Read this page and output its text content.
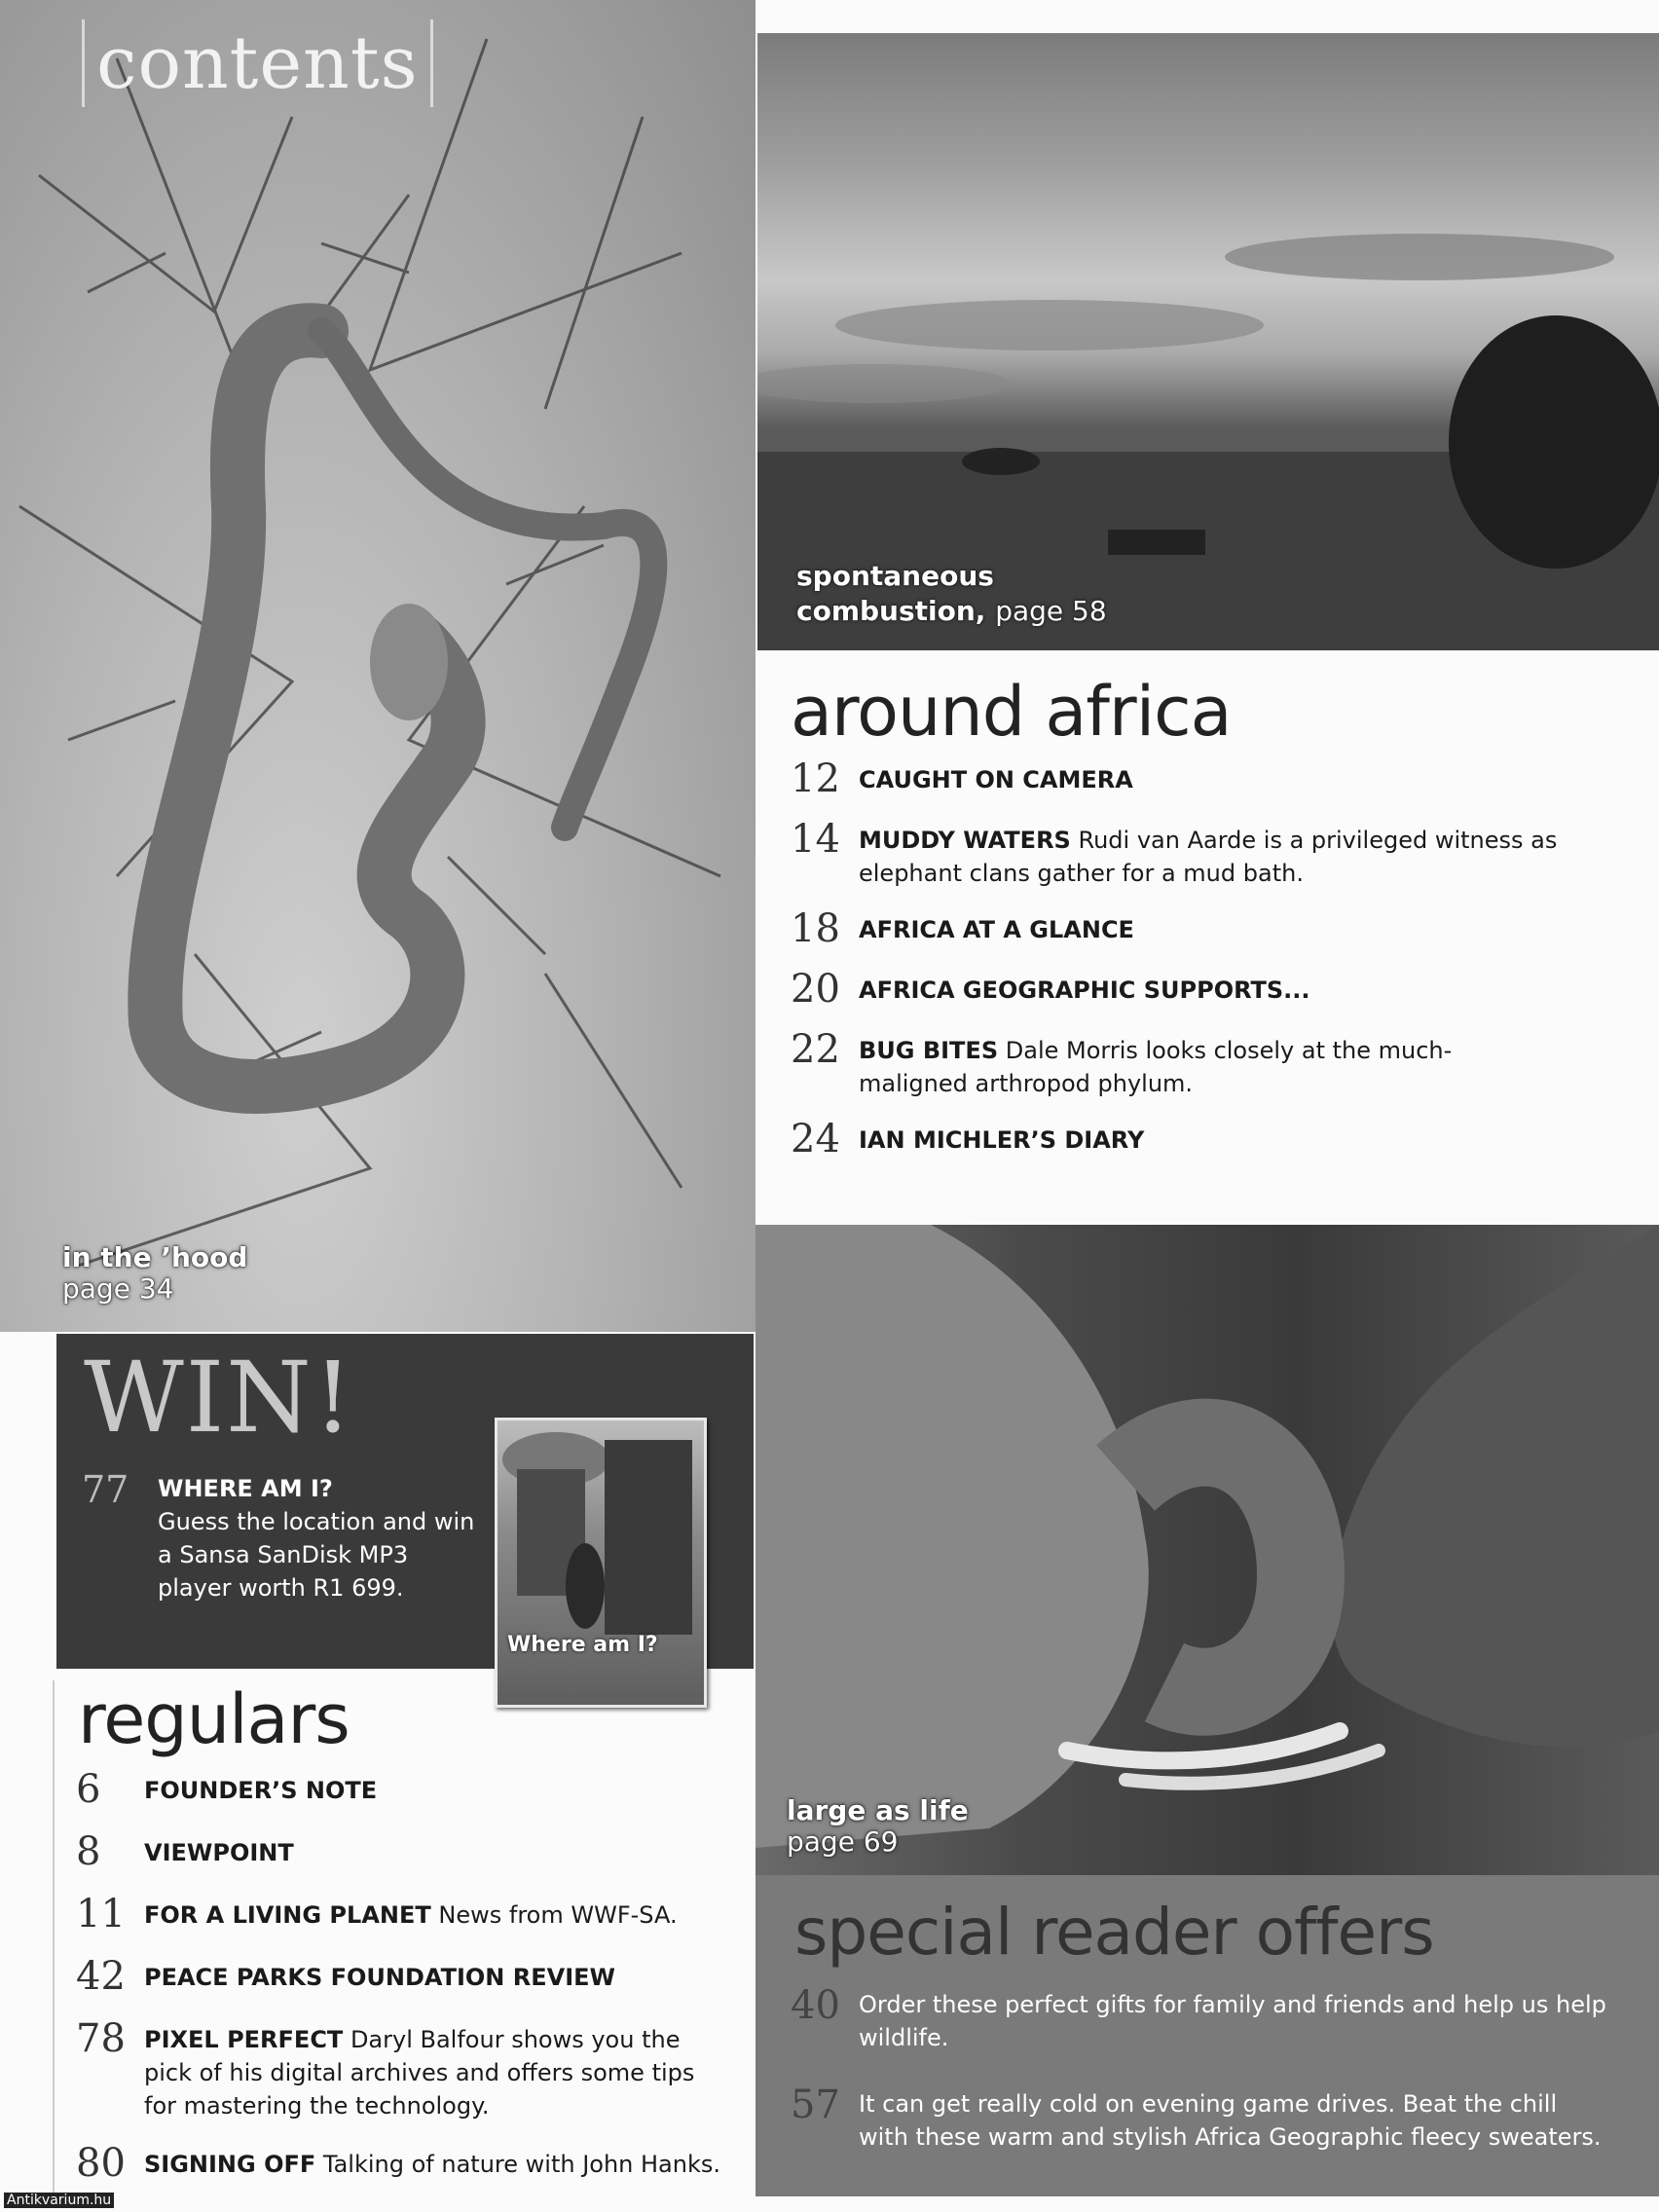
contents
in the ’hood
page 34
spontaneous
combustion, page 58
around africa
12 CAUGHT ON CAMERA
14 MUDDY WATERS Rudi van Aarde is a privileged witness as elephant clans gather for a mud bath.
18 AFRICA AT A GLANCE
20 AFRICA GEOGRAPHIC SUPPORTS...
22 BUG BITES Dale Morris looks closely at the much-maligned arthropod phylum.
24 IAN MICHLER’S DIARY
large as life
page 69
special reader offers
40 Order these perfect gifts for family and friends and help us help wildlife.
57 It can get really cold on evening game drives. Beat the chill with these warm and stylish Africa Geographic fleecy sweaters.
WIN!
77 WHERE AM I?
Guess the location and win a Sansa SanDisk MP3 player worth R1 699.
Where am I?
regulars
6	FOUNDER’S NOTE
8	VIEWPOINT
11 FOR A LIVING PLANET News from WWF-SA.
42 PEACE PARKS FOUNDATION REVIEW
78 PIXEL PERFECT Daryl Balfour shows you the pick of his digital archives and offers some tips for mastering the technology.
80 SIGNING OFF Talking of nature with John Hanks.
Antikvarium.hu
